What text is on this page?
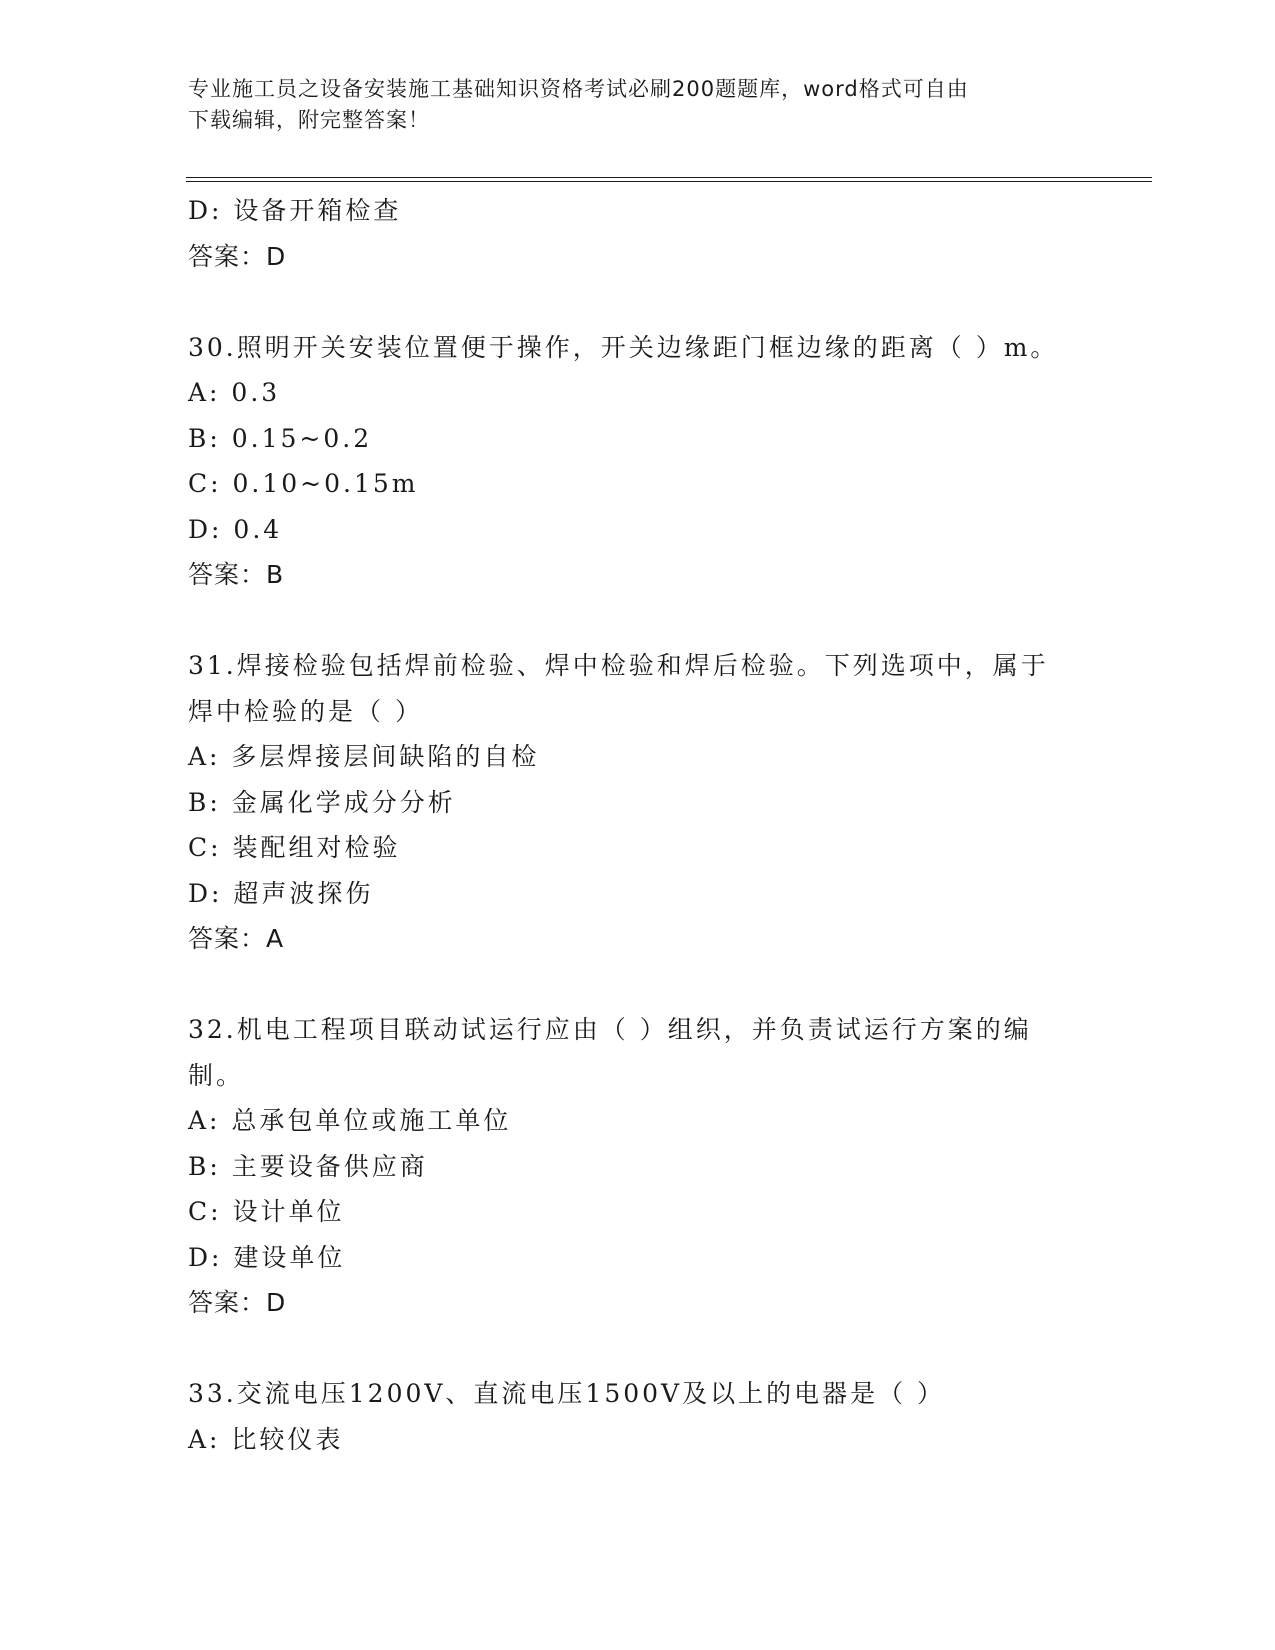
专业施工员之设备安装施工基础知识资格考试必刷200题题库，word格式可自由
下载编辑，附完整答案！
D: 设备开箱检查
答案：D
30.照明开关安装位置便于操作，开关边缘距门框边缘的距离（ ）m。
A: 0.3
B: 0.15~0.2
C: 0.10~0.15m
D: 0.4
答案：B
31.焊接检验包括焊前检验、焊中检验和焊后检验。下列选项中，属于
焊中检验的是（ ）
A: 多层焊接层间缺陷的自检
B: 金属化学成分分析
C: 装配组对检验
D: 超声波探伤
答案：A
32.机电工程项目联动试运行应由（ ）组织，并负责试运行方案的编
制。
A: 总承包单位或施工单位
B: 主要设备供应商
C: 设计单位
D: 建设单位
答案：D
33.交流电压1200V、直流电压1500V及以上的电器是（ ）
A: 比较仪表
